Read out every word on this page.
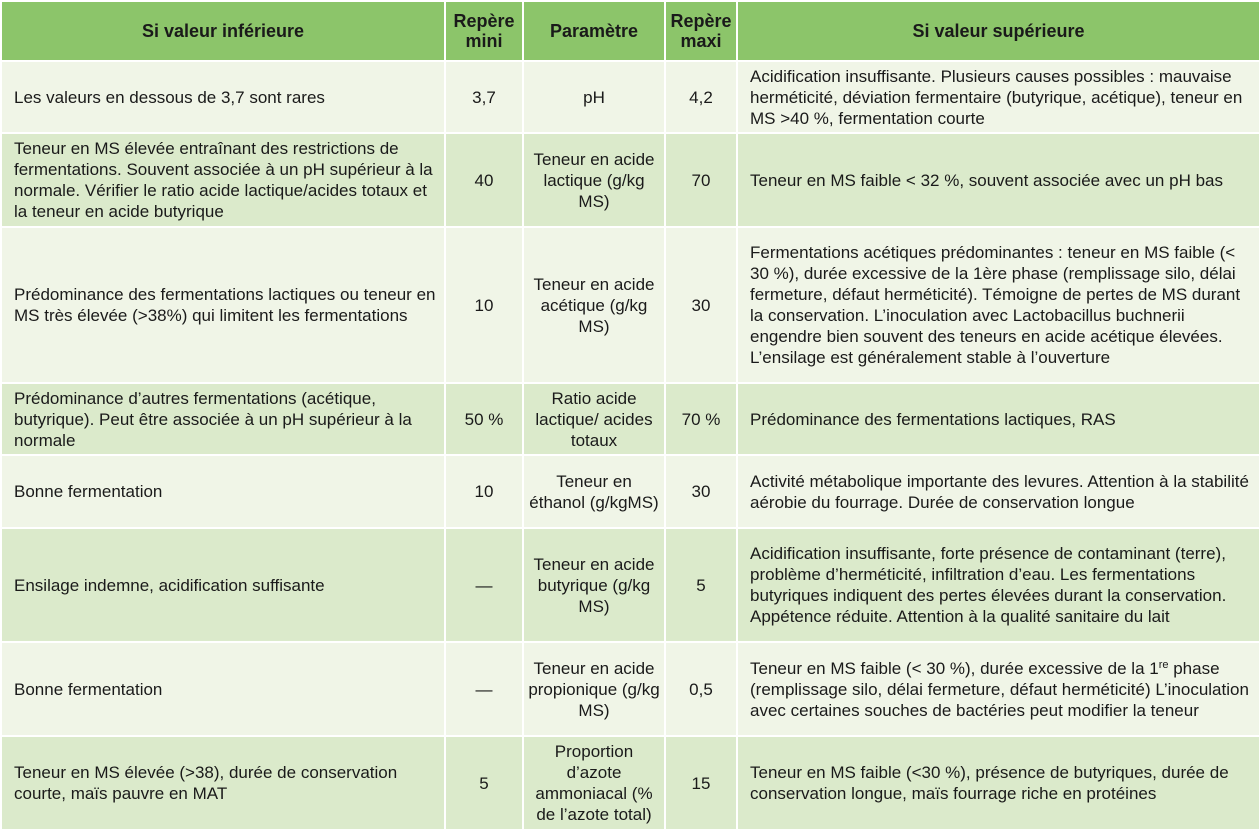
Si valeur inférieure	Repère mini	Paramètre	Repère maxi	Si valeur supérieure
Les valeurs en dessous de 3,7 sont rares	3,7	pH	4,2	Acidification insuffisante. Plusieurs causes possibles : mauvaise herméticité, déviation fermentaire (butyrique, acétique), teneur en MS >40 %, fermentation courte
Teneur en MS élevée entraînant des restrictions de fermentations. Souvent associée à un pH supérieur à la normale. Vérifier le ratio acide lactique/acides totaux et la teneur en acide butyrique	40	Teneur en acide lactique (g/kg MS)	70	Teneur en MS faible < 32 %, souvent associée avec un pH bas
Prédominance des fermentations lactiques ou teneur en MS très élevée (>38%) qui limitent les fermentations	10	Teneur en acide acétique (g/kg MS)	30	Fermentations acétiques prédominantes : teneur en MS faible (< 30 %), durée excessive de la 1ère phase (remplissage silo, délai fermeture, défaut herméticité). Témoigne de pertes de MS durant la conservation. L’inoculation avec Lactobacillus buchnerii engendre bien souvent des teneurs en acide acétique élevées. L’ensilage est généralement stable à l’ouverture
Prédominance d’autres fermentations (acétique, butyrique). Peut être associée à un pH supérieur à la normale	50 %	Ratio acide lactique/ acides totaux	70 %	Prédominance des fermentations lactiques, RAS
Bonne fermentation	10	Teneur en éthanol (g/kgMS)	30	Activité métabolique importante des levures. Attention à la stabilité aérobie du fourrage. Durée de conservation longue
Ensilage indemne, acidification suffisante	—	Teneur en acide butyrique (g/kg MS)	5	Acidification insuffisante, forte présence de contaminant (terre), problème d’herméticité, infiltration d’eau. Les fermentations butyriques indiquent des pertes élevées durant la conservation. Appétence réduite. Attention à la qualité sanitaire du lait
Bonne fermentation	—	Teneur en acide propionique (g/kg MS)	0,5	Teneur en MS faible (< 30 %), durée excessive de la 1re phase (remplissage silo, délai fermeture, défaut herméticité) L’inoculation avec certaines souches de bactéries peut modifier la teneur
Teneur en MS élevée (>38), durée de conservation courte, maïs pauvre en MAT	5	Proportion d’azote ammoniacal (% de l’azote total)	15	Teneur en MS faible (<30 %), présence de butyriques, durée de conservation longue, maïs fourrage riche en protéines
